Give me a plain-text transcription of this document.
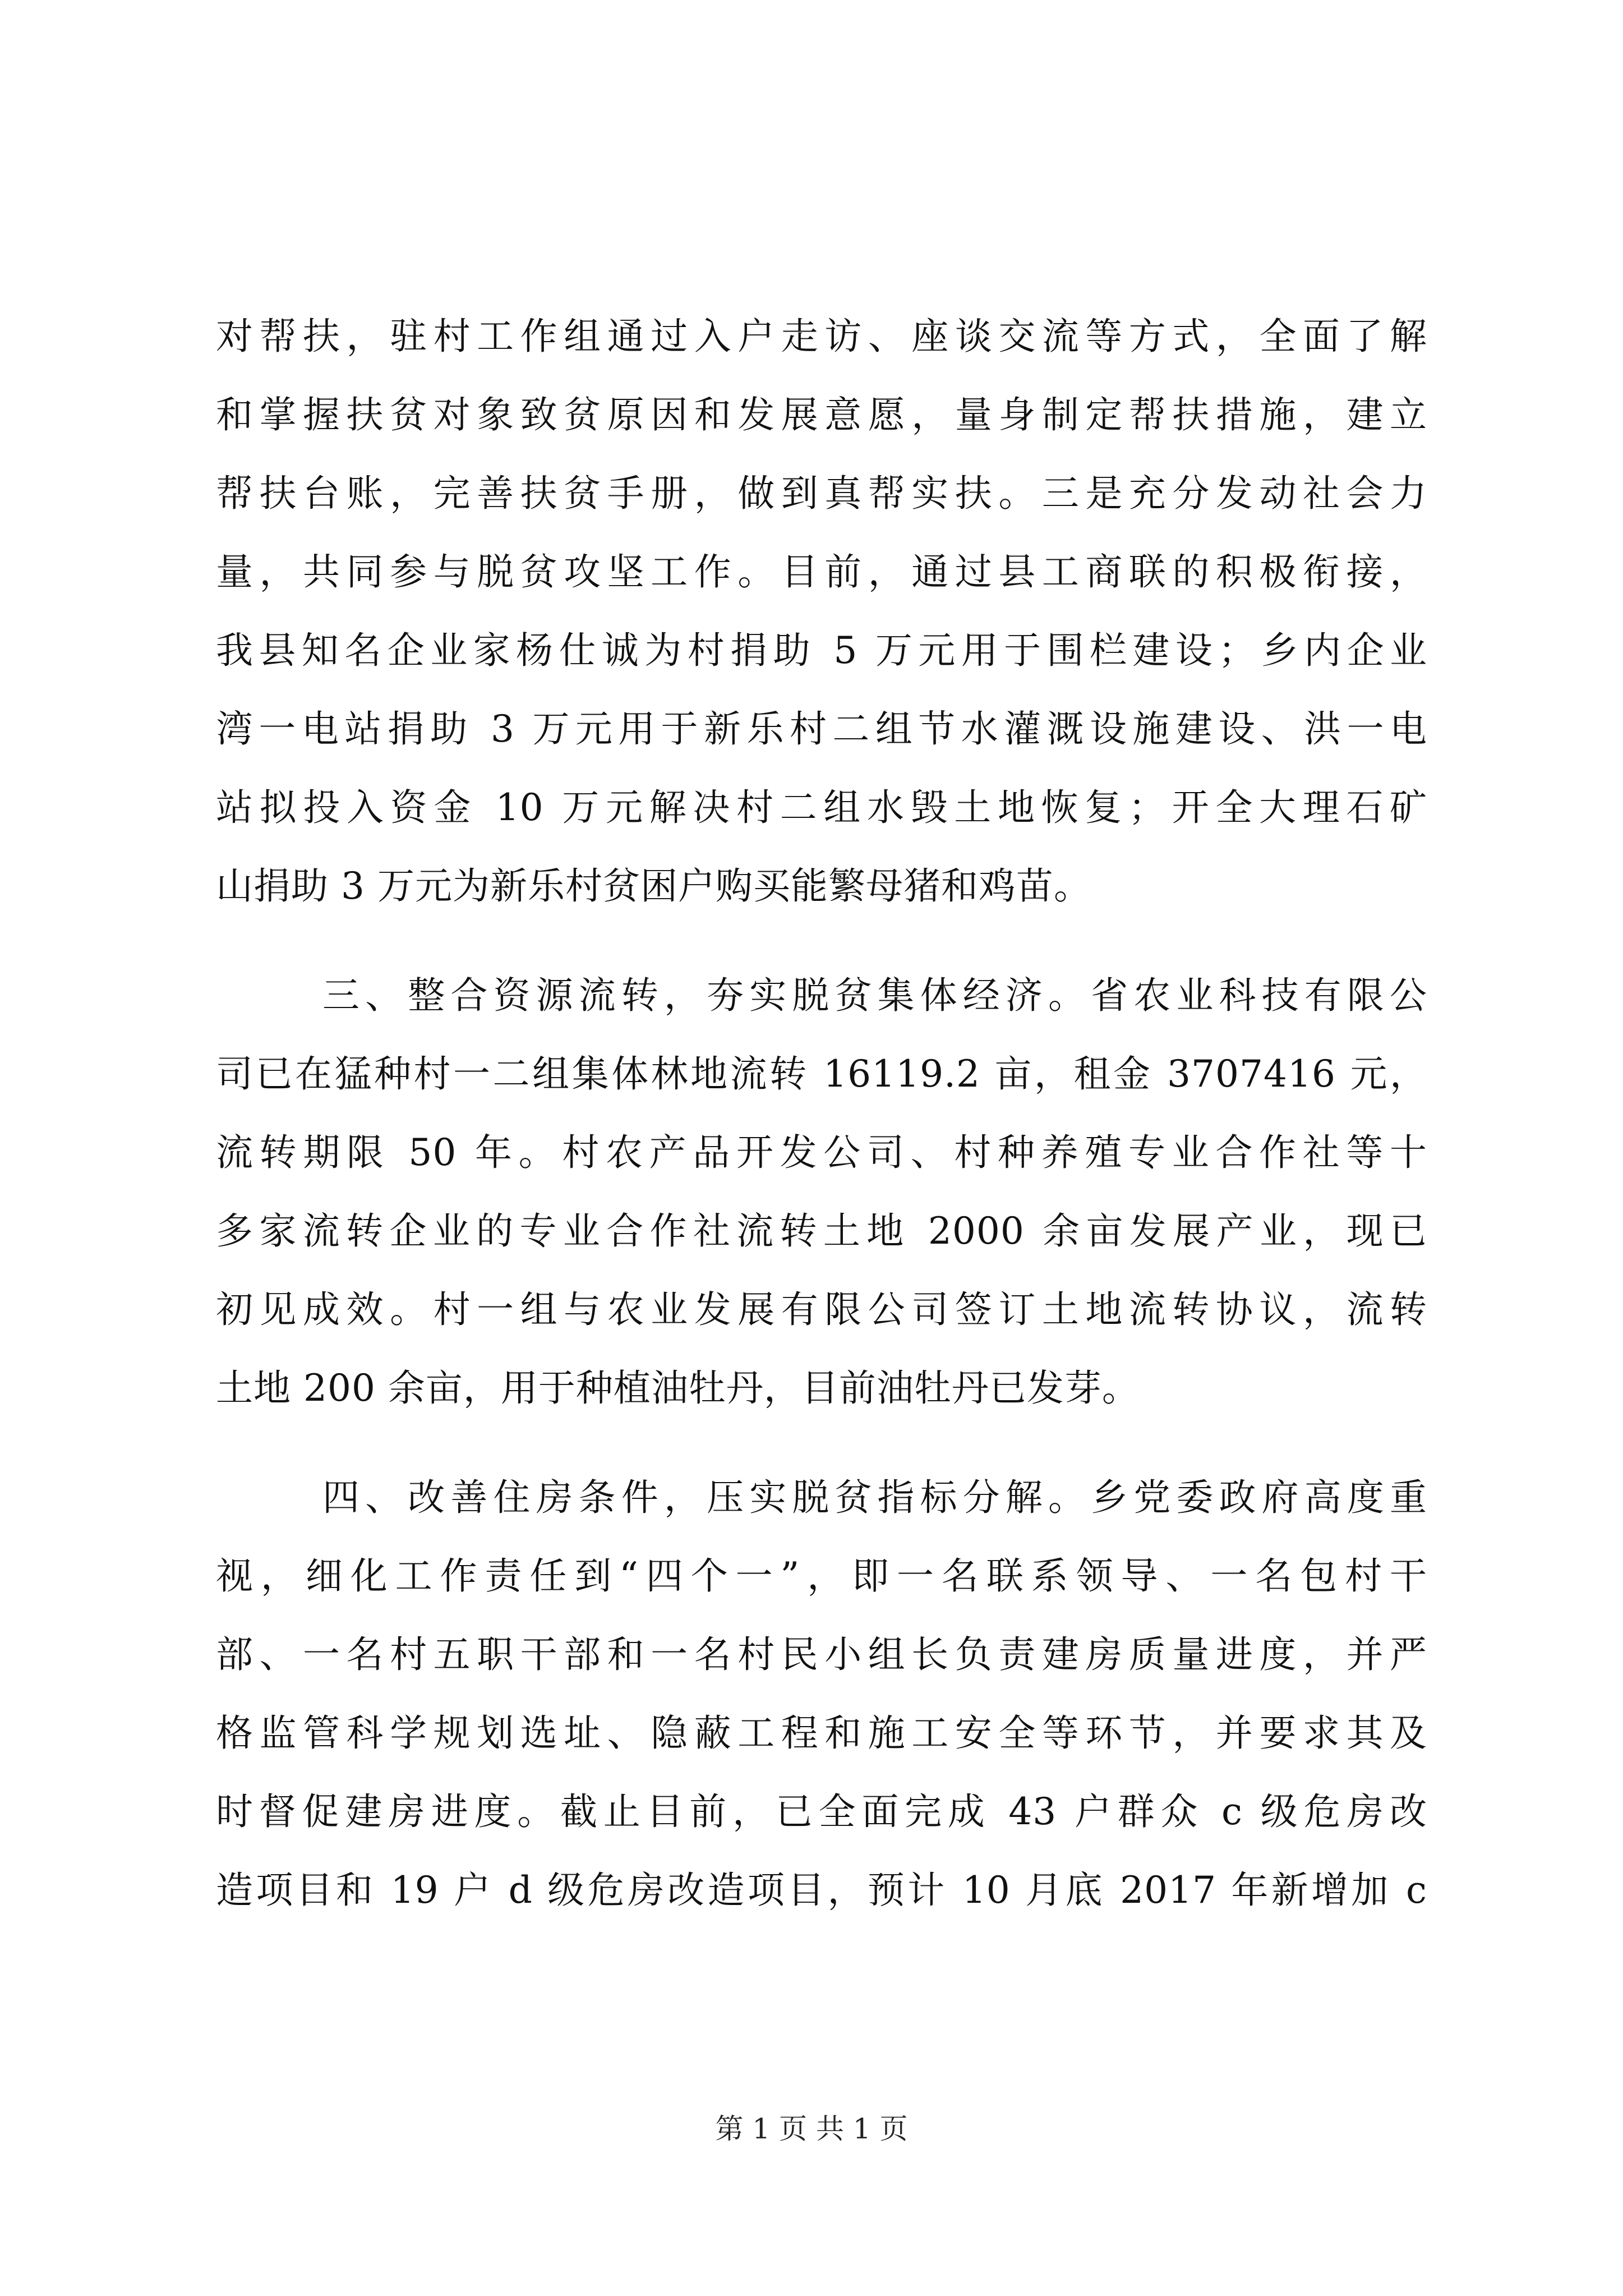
对帮扶，驻村工作组通过入户走访、座谈交流等方式，全面了解
和掌握扶贫对象致贫原因和发展意愿，量身制定帮扶措施，建立
帮扶台账，完善扶贫手册，做到真帮实扶。三是充分发动社会力
量，共同参与脱贫攻坚工作。目前，通过县工商联的积极衔接，
我县知名企业家杨仕诚为村捐助 5 万元用于围栏建设；乡内企业
湾一电站捐助 3 万元用于新乐村二组节水灌溉设施建设、洪一电
站拟投入资金 10 万元解决村二组水毁土地恢复；开全大理石矿
山捐助 3 万元为新乐村贫困户购买能繁母猪和鸡苗。
三、整合资源流转，夯实脱贫集体经济。省农业科技有限公
司已在猛种村一二组集体林地流转 16119.2 亩，租金 3707416 元，
流转期限 50 年。村农产品开发公司、村种养殖专业合作社等十
多家流转企业的专业合作社流转土地 2000 余亩发展产业，现已
初见成效。村一组与农业发展有限公司签订土地流转协议，流转
土地 200 余亩，用于种植油牡丹，目前油牡丹已发芽。
四、改善住房条件，压实脱贫指标分解。乡党委政府高度重
视，细化工作责任到“四个一”，即一名联系领导、一名包村干
部、一名村五职干部和一名村民小组长负责建房质量进度，并严
格监管科学规划选址、隐蔽工程和施工安全等环节，并要求其及
时督促建房进度。截止目前，已全面完成 43 户群众 c 级危房改
造项目和 19 户 d 级危房改造项目，预计 10 月底 2017 年新增加 c
第 1 页 共 1 页
